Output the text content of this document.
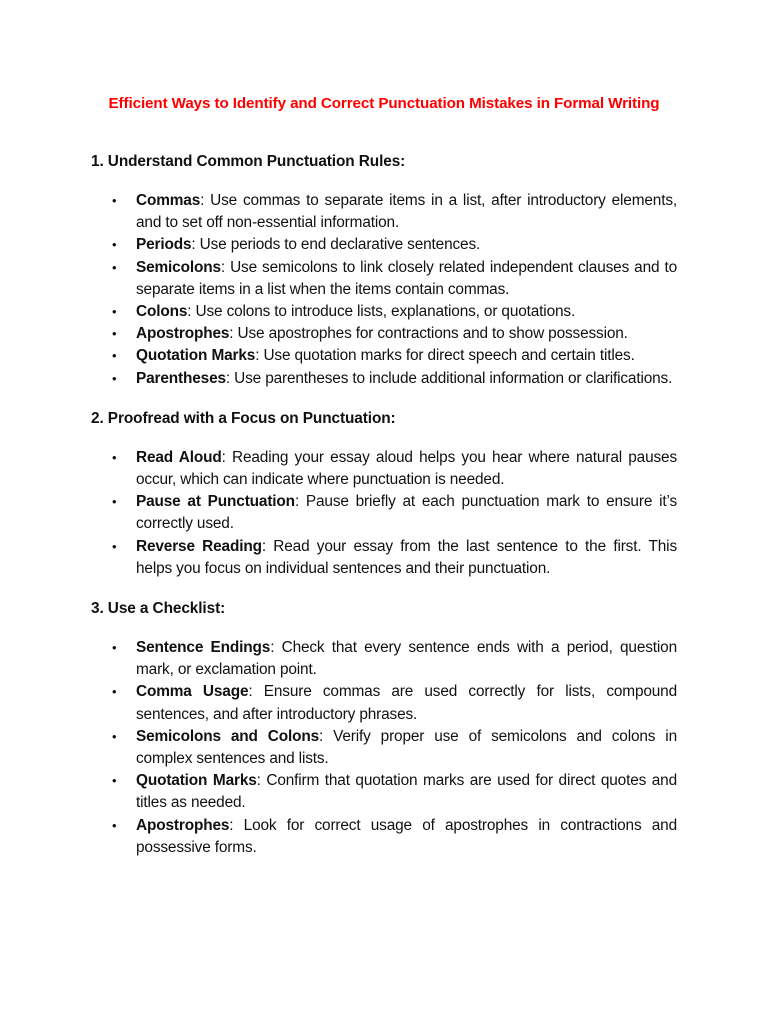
Efficient Ways to Identify and Correct Punctuation Mistakes in Formal Writing
1. Understand Common Punctuation Rules:
• Commas: Use commas to separate items in a list, after introductory elements, and to set off non-essential information.
• Periods: Use periods to end declarative sentences.
• Semicolons: Use semicolons to link closely related independent clauses and to separate items in a list when the items contain commas.
• Colons: Use colons to introduce lists, explanations, or quotations.
• Apostrophes: Use apostrophes for contractions and to show possession.
• Quotation Marks: Use quotation marks for direct speech and certain titles.
• Parentheses: Use parentheses to include additional information or clarifications.
2. Proofread with a Focus on Punctuation:
• Read Aloud: Reading your essay aloud helps you hear where natural pauses occur, which can indicate where punctuation is needed.
• Pause at Punctuation: Pause briefly at each punctuation mark to ensure it’s correctly used.
• Reverse Reading: Read your essay from the last sentence to the first. This helps you focus on individual sentences and their punctuation.
3. Use a Checklist:
• Sentence Endings: Check that every sentence ends with a period, question mark, or exclamation point.
• Comma Usage: Ensure commas are used correctly for lists, compound sentences, and after introductory phrases.
• Semicolons and Colons: Verify proper use of semicolons and colons in complex sentences and lists.
• Quotation Marks: Confirm that quotation marks are used for direct quotes and titles as needed.
• Apostrophes: Look for correct usage of apostrophes in contractions and possessive forms.
